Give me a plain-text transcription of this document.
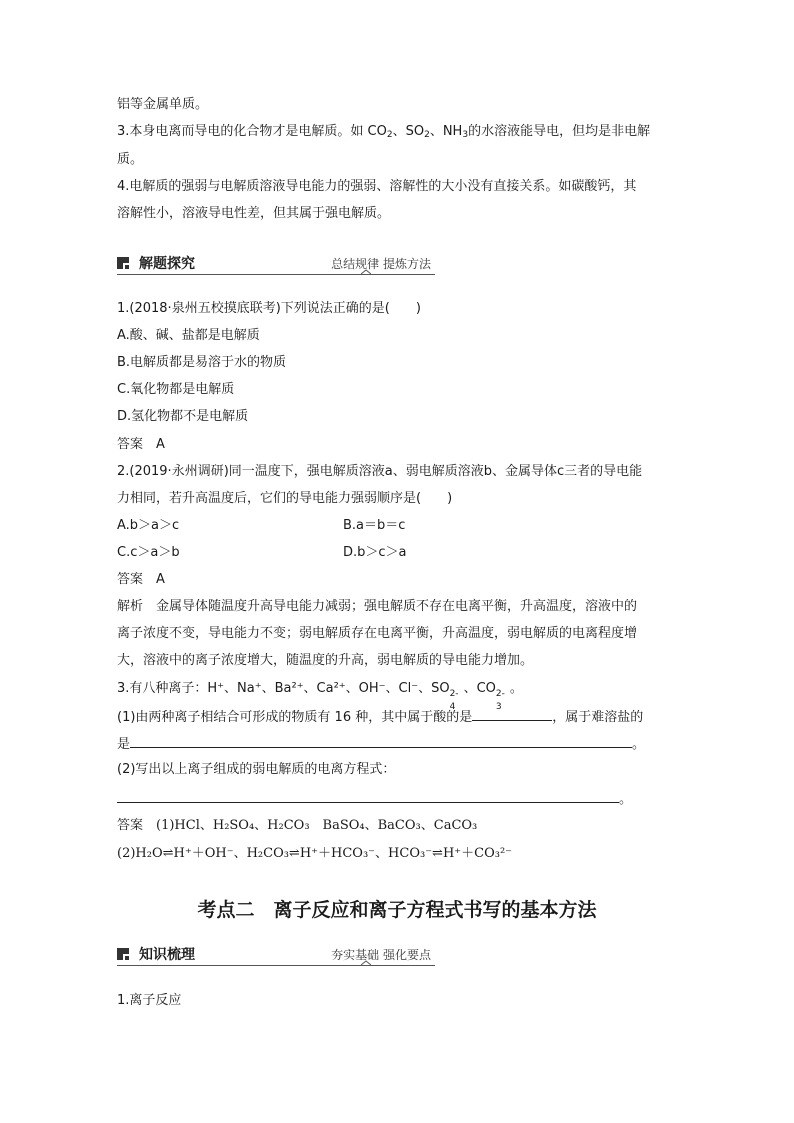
铝等金属单质。

3.本身电离而导电的化合物才是电解质。如 $CO_2$、$SO_2$、$NH_3$的水溶液能导电，但均是非电解

质。

4.电解质的强弱与电解质溶液导电能力的强弱、溶解性的大小没有直接关系。如碳酸钙，其

溶解性小，溶液导电性差，但其属于强电解质。

解题探究	总结规律 提炼方法

1.(2018·泉州五校摸底联考)下列说法正确的是(　　)

A.酸、碱、盐都是电解质

B.电解质都是易溶于水的物质

C.氧化物都是电解质

D.氢化物都不是电解质

答案　A

2.(2019·永州调研)同一温度下，强电解质溶液a、弱电解质溶液b、金属导体c三者的导电能

力相同，若升高温度后，它们的导电能力强弱顺序是(　　)

A.b＞a＞c	B.a＝b＝c

C.c＞a＞b	D.b＞c＞a

答案　A

解析　金属导体随温度升高导电能力减弱；强电解质不存在电离平衡，升高温度，溶液中的

离子浓度不变，导电能力不变；弱电解质存在电离平衡，升高温度，弱电解质的电离程度增

大，溶液中的离子浓度增大，随温度的升高，弱电解质的导电能力增加。

3.有八种离子：H⁺、Na⁺、Ba²⁺、Ca²⁺、OH⁻、Cl⁻、SO 2-
4
、CO 2-
3
。

(1)由两种离子相结合可形成的物质有 16 种，其中属于酸的是	，属于难溶盐的

是	。

(2)写出以上离子组成的弱电解质的电离方程式：

。

答案　(1)HCl、H₂SO₄、H₂CO₃　BaSO₄、BaCO₃、CaCO₃

(2)H₂O⇌H⁺＋OH⁻、H₂CO₃⇌H⁺＋HCO₃⁻、HCO₃⁻⇌H⁺＋CO₃²⁻

考点二　离子反应和离子方程式书写的基本方法
知识梳理	夯实基础 强化要点

1.离子反应
